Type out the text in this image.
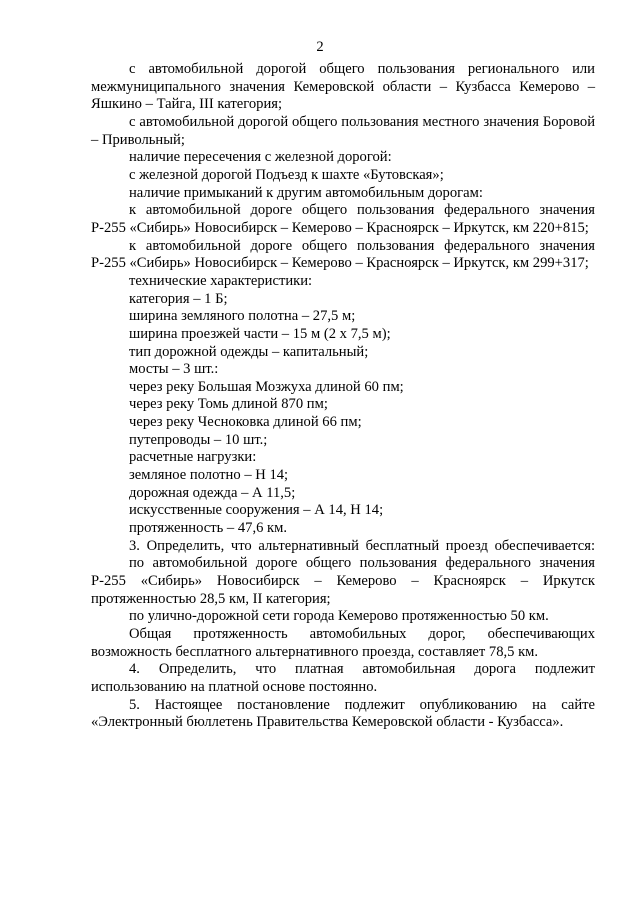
2

с автомобильной дорогой общего пользования регионального или межмуниципального значения Кемеровской области – Кузбасса Кемерово – Яшкино – Тайга, III категория;

с автомобильной дорогой общего пользования местного значения Боровой – Привольный;

наличие пересечения с железной дорогой:

с железной дорогой Подъезд к шахте «Бутовская»;

наличие примыканий к другим автомобильным дорогам:

к автомобильной дороге общего пользования федерального значения Р-255 «Сибирь» Новосибирск – Кемерово – Красноярск – Иркутск, км 220+815;

к автомобильной дороге общего пользования федерального значения Р-255 «Сибирь» Новосибирск – Кемерово – Красноярск – Иркутск, км 299+317;

технические характеристики:

категория – 1 Б;

ширина земляного полотна – 27,5 м;

ширина проезжей части – 15 м (2 х 7,5 м);

тип дорожной одежды – капитальный;

мосты – 3 шт.:

через реку Большая Мозжуха длиной 60 пм;

через реку Томь длиной 870 пм;

через реку Чесноковка длиной 66 пм;

путепроводы – 10 шт.;

расчетные нагрузки:

земляное полотно – Н 14;

дорожная одежда – А 11,5;

искусственные сооружения – А 14, Н 14;

протяженность – 47,6 км.

3. Определить, что альтернативный бесплатный проезд обеспечивается:

по автомобильной дороге общего пользования федерального значения Р-255 «Сибирь» Новосибирск – Кемерово – Красноярск – Иркутск протяженностью 28,5 км, II категория;

по улично-дорожной сети города Кемерово протяженностью 50 км.

Общая протяженность автомобильных дорог, обеспечивающих возможность бесплатного альтернативного проезда, составляет 78,5 км.

4. Определить, что платная автомобильная дорога подлежит использованию на платной основе постоянно.

5. Настоящее постановление подлежит опубликованию на сайте «Электронный бюллетень Правительства Кемеровской области - Кузбасса».
